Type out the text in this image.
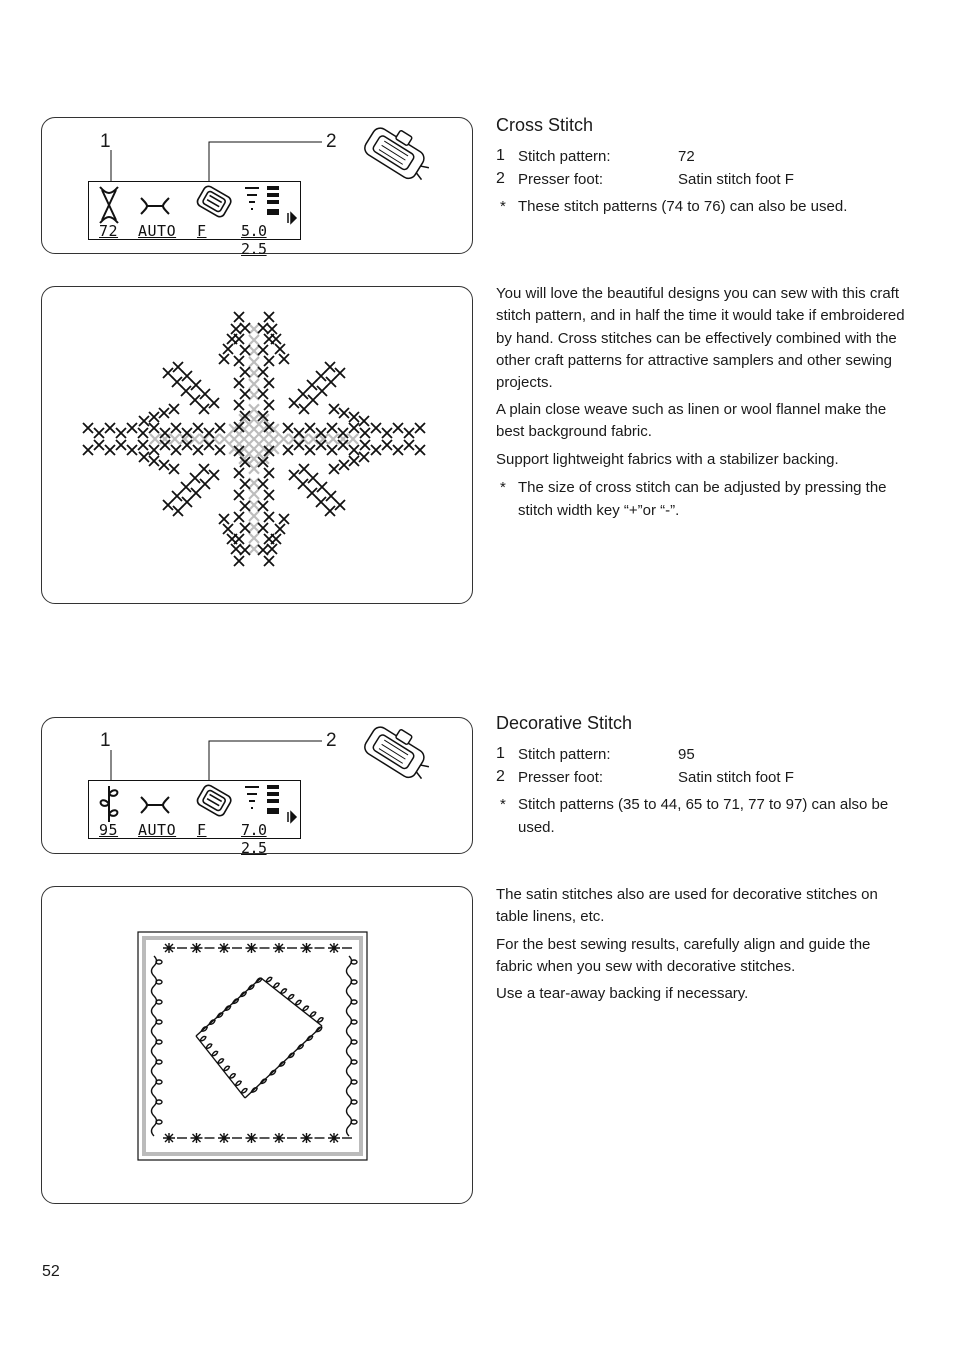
1	2
72 AUTO F 5.0 2.5
Cross Stitch
1 Stitch pattern:	72
2 Presser foot:	Satin stitch foot F
* These stitch patterns (74 to 76) can also be used.
You will love the beautiful designs you can sew with this craft stitch pattern, and in half the time it would take if embroidered by hand. Cross stitches can be effectively combined with the other craft patterns for attractive samplers and other sewing projects.
A plain close weave such as linen or wool flannel make the best background fabric.
Support lightweight fabrics with a stabilizer backing.
* The size of cross stitch can be adjusted by pressing the stitch width key “+”or “-”.
1	2
95 AUTO F 7.0 2.5
Decorative Stitch
1 Stitch pattern:	95
2 Presser foot:	Satin stitch foot F
* Stitch patterns (35 to 44, 65 to 71, 77 to 97) can also be used.
The satin stitches also are used for decorative stitches on table linens, etc.
For the best sewing results, carefully align and guide the fabric when you sew with decorative stitches.
Use a tear-away backing if necessary.
52
